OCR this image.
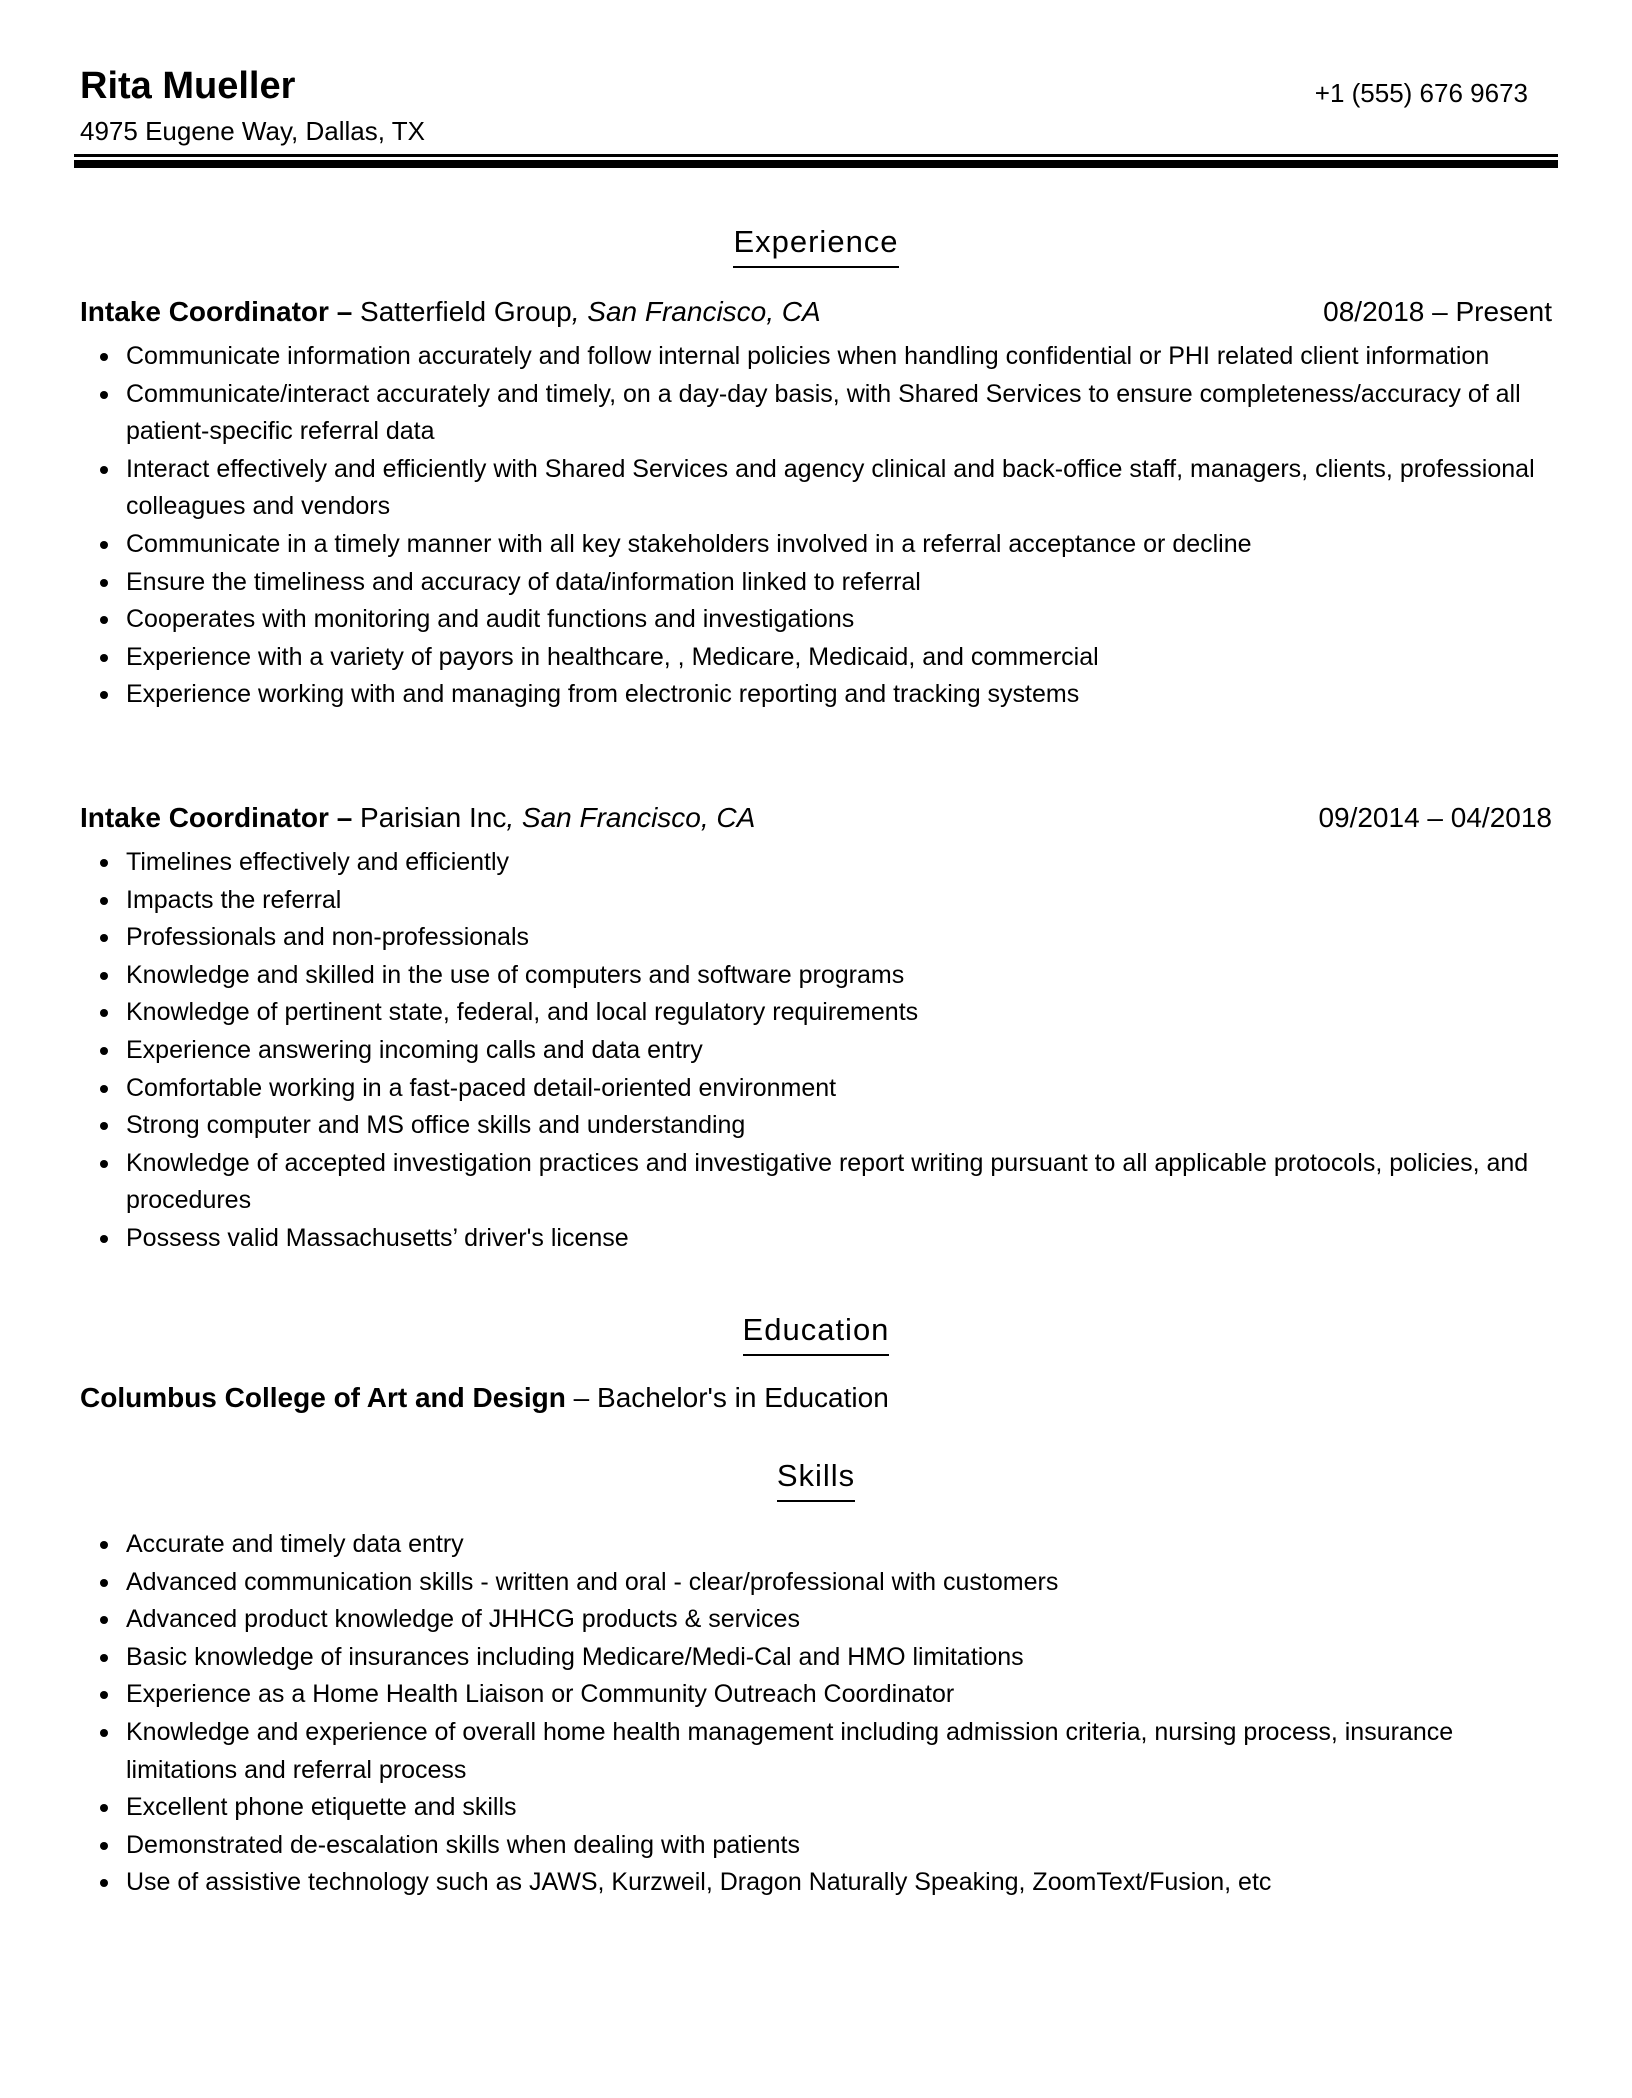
Rita Mueller
4975 Eugene Way, Dallas, TX
+1 (555) 676 9673
Experience
Intake Coordinator – Satterfield Group, San Francisco, CA	08/2018 – Present
Communicate information accurately and follow internal policies when handling confidential or PHI related client information
Communicate/interact accurately and timely, on a day-day basis, with Shared Services to ensure completeness/accuracy of all patient-specific referral data
Interact effectively and efficiently with Shared Services and agency clinical and back-office staff, managers, clients, professional colleagues and vendors
Communicate in a timely manner with all key stakeholders involved in a referral acceptance or decline
Ensure the timeliness and accuracy of data/information linked to referral
Cooperates with monitoring and audit functions and investigations
Experience with a variety of payors in healthcare, , Medicare, Medicaid, and commercial
Experience working with and managing from electronic reporting and tracking systems
Intake Coordinator – Parisian Inc, San Francisco, CA	09/2014 – 04/2018
Timelines effectively and efficiently
Impacts the referral
Professionals and non-professionals
Knowledge and skilled in the use of computers and software programs
Knowledge of pertinent state, federal, and local regulatory requirements
Experience answering incoming calls and data entry
Comfortable working in a fast-paced detail-oriented environment
Strong computer and MS office skills and understanding
Knowledge of accepted investigation practices and investigative report writing pursuant to all applicable protocols, policies, and procedures
Possess valid Massachusetts’ driver's license
Education
Columbus College of Art and Design – Bachelor's in Education
Skills
Accurate and timely data entry
Advanced communication skills - written and oral - clear/professional with customers
Advanced product knowledge of JHHCG products & services
Basic knowledge of insurances including Medicare/Medi-Cal and HMO limitations
Experience as a Home Health Liaison or Community Outreach Coordinator
Knowledge and experience of overall home health management including admission criteria, nursing process, insurance limitations and referral process
Excellent phone etiquette and skills
Demonstrated de-escalation skills when dealing with patients
Use of assistive technology such as JAWS, Kurzweil, Dragon Naturally Speaking, ZoomText/Fusion, etc
